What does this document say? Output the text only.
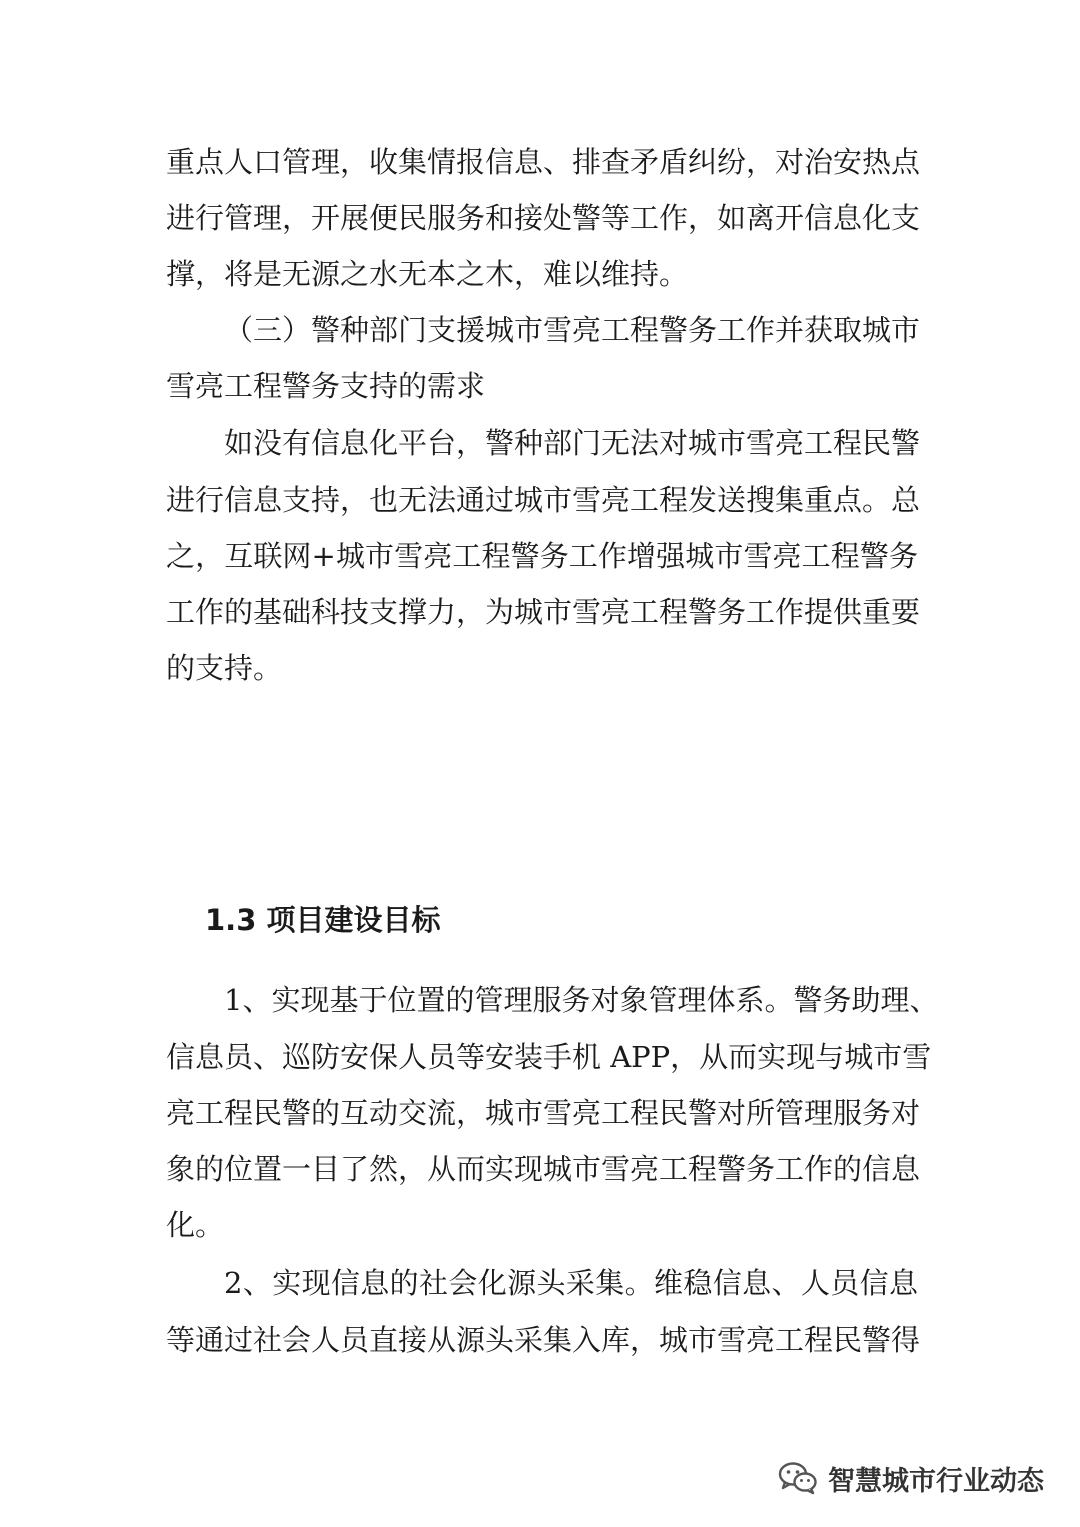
重点人口管理，收集情报信息、排查矛盾纠纷，对治安热点
进行管理，开展便民服务和接处警等工作，如离开信息化支
撑，将是无源之水无本之木，难以维持。
（三）警种部门支援城市雪亮工程警务工作并获取城市
雪亮工程警务支持的需求
如没有信息化平台，警种部门无法对城市雪亮工程民警
进行信息支持，也无法通过城市雪亮工程发送搜集重点。总
之，互联网+城市雪亮工程警务工作增强城市雪亮工程警务
工作的基础科技支撑力，为城市雪亮工程警务工作提供重要
的支持。
1.3 项目建设目标
1、实现基于位置的管理服务对象管理体系。警务助理、
信息员、巡防安保人员等安装手机 APP，从而实现与城市雪
亮工程民警的互动交流，城市雪亮工程民警对所管理服务对
象的位置一目了然，从而实现城市雪亮工程警务工作的信息
化。
2、实现信息的社会化源头采集。维稳信息、人员信息
等通过社会人员直接从源头采集入库，城市雪亮工程民警得
智慧城市行业动态
